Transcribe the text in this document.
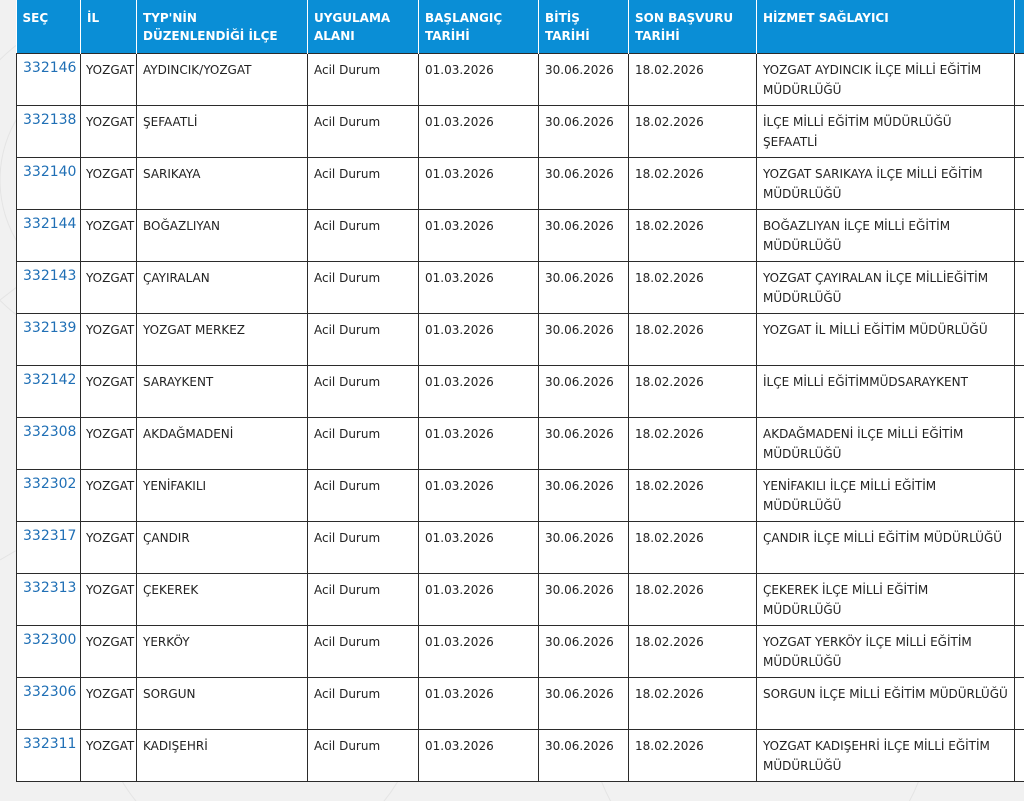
SEÇ	İL	TYP'NİN DÜZENLENDİĞİ İLÇE	UYGULAMA ALANI	BAŞLANGIÇ TARİHİ	BİTİŞ TARİHİ	SON BAŞVURU TARİHİ	HİZMET SAĞLAYICI	
332146	YOZGAT	AYDINCIK/YOZGAT	Acil Durum	01.03.2026	30.06.2026	18.02.2026	YOZGAT AYDINCIK İLÇE MİLLİ EĞİTİM MÜDÜRLÜĞÜ	
332138	YOZGAT	ŞEFAATLİ	Acil Durum	01.03.2026	30.06.2026	18.02.2026	İLÇE MİLLİ EĞİTİM MÜDÜRLÜĞÜ ŞEFAATLİ	
332140	YOZGAT	SARIKAYA	Acil Durum	01.03.2026	30.06.2026	18.02.2026	YOZGAT SARIKAYA İLÇE MİLLİ EĞİTİM MÜDÜRLÜĞÜ	
332144	YOZGAT	BOĞAZLIYAN	Acil Durum	01.03.2026	30.06.2026	18.02.2026	BOĞAZLIYAN İLÇE MİLLİ EĞİTİM MÜDÜRLÜĞÜ	
332143	YOZGAT	ÇAYIRALAN	Acil Durum	01.03.2026	30.06.2026	18.02.2026	YOZGAT ÇAYIRALAN İLÇE MİLLİEĞİTİM MÜDÜRLÜĞÜ	
332139	YOZGAT	YOZGAT MERKEZ	Acil Durum	01.03.2026	30.06.2026	18.02.2026	YOZGAT İL MİLLİ EĞİTİM MÜDÜRLÜĞÜ	
332142	YOZGAT	SARAYKENT	Acil Durum	01.03.2026	30.06.2026	18.02.2026	İLÇE MİLLİ EĞİTİMMÜDSARAYKENT	
332308	YOZGAT	AKDAĞMADENİ	Acil Durum	01.03.2026	30.06.2026	18.02.2026	AKDAĞMADENİ İLÇE MİLLİ EĞİTİM MÜDÜRLÜĞÜ	
332302	YOZGAT	YENİFAKILI	Acil Durum	01.03.2026	30.06.2026	18.02.2026	YENİFAKILI İLÇE MİLLİ EĞİTİM MÜDÜRLÜĞÜ	
332317	YOZGAT	ÇANDIR	Acil Durum	01.03.2026	30.06.2026	18.02.2026	ÇANDIR İLÇE MİLLİ EĞİTİM MÜDÜRLÜĞÜ	
332313	YOZGAT	ÇEKEREK	Acil Durum	01.03.2026	30.06.2026	18.02.2026	ÇEKEREK İLÇE MİLLİ EĞİTİM MÜDÜRLÜĞÜ	
332300	YOZGAT	YERKÖY	Acil Durum	01.03.2026	30.06.2026	18.02.2026	YOZGAT YERKÖY İLÇE MİLLİ EĞİTİM MÜDÜRLÜĞÜ	
332306	YOZGAT	SORGUN	Acil Durum	01.03.2026	30.06.2026	18.02.2026	SORGUN İLÇE MİLLİ EĞİTİM MÜDÜRLÜĞÜ	
332311	YOZGAT	KADIŞEHRİ	Acil Durum	01.03.2026	30.06.2026	18.02.2026	YOZGAT KADIŞEHRİ İLÇE MİLLİ EĞİTİM MÜDÜRLÜĞÜ	
